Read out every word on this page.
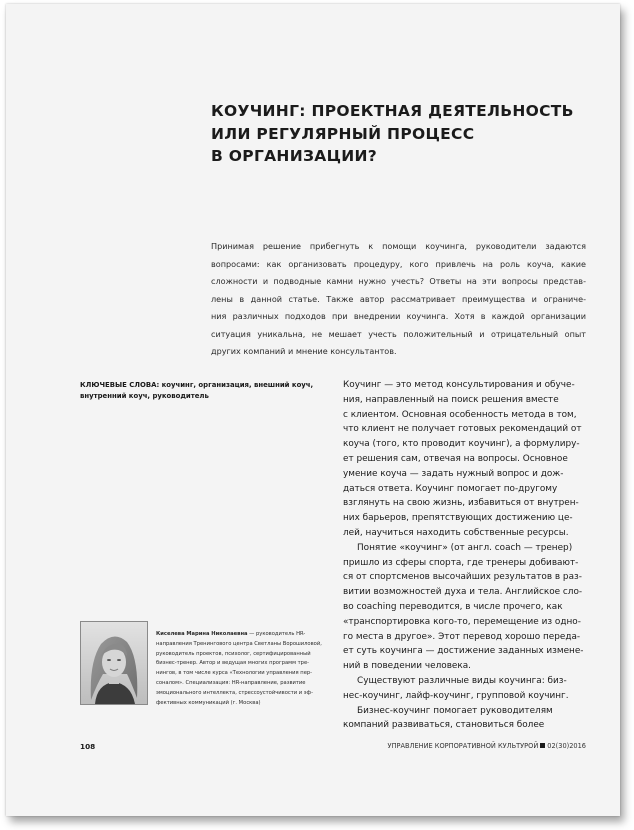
КОУЧИНГ: ПРОЕКТНАЯ ДЕЯТЕЛЬНОСТЬ
ИЛИ РЕГУЛЯРНЫЙ ПРОЦЕСС
В ОРГАНИЗАЦИИ?

Принимая решение прибегнуть к помощи коучинга, руководители задаются
вопросами: как организовать процедуру, кого привлечь на роль коуча, какие
сложности и подводные камни нужно учесть? Ответы на эти вопросы представ-
лены в данной статье. Также автор рассматривает преимущества и ограниче-
ния различных подходов при внедрении коучинга. Хотя в каждой организации
ситуация уникальна, не мешает учесть положительный и отрицательный опыт
других компаний и мнение консультантов.

КЛЮЧЕВЫЕ СЛОВА: коучинг, организация, внешний коуч,
внутренний коуч, руководитель
Коучинг — это метод консультирования и обуче-
ния, направленный на поиск решения вместе
с клиентом. Основная особенность метода в том,
что клиент не получает готовых рекомендаций от
коуча (того, кто проводит коучинг), а формулиру-
ет решения сам, отвечая на вопросы. Основное
умение коуча — задать нужный вопрос и дож-
даться ответа. Коучинг помогает по-другому
взглянуть на свою жизнь, избавиться от внутрен-
них барьеров, препятствующих достижению це-
лей, научиться находить собственные ресурсы.
Понятие «коучинг» (от англ. coach — тренер)
пришло из сферы спорта, где тренеры добивают-
ся от спортсменов высочайших результатов в раз-
витии возможностей духа и тела. Английское сло-
во coaching переводится, в числе прочего, как
«транспортировка кого-то, перемещение из одно-
го места в другое». Этот перевод хорошо переда-
ет суть коучинга — достижение заданных измене-
ний в поведении человека.
Существуют различные виды коучинга: биз-
нес-коучинг, лайф-коучинг, групповой коучинг.
Бизнес-коучинг помогает руководителям
компаний развиваться, становиться более
Киселева Марина Николаевна — руководитель HR-
направления Тренингового центра Светланы Ворошиловой,
руководитель проектов, психолог, сертифицированный
бизнес-тренер. Автор и ведущая многих программ тре-
нингов, в том числе курса «Технологии управления пер-
соналом». Специализация: HR-направление, развитие
эмоционального интеллекта, стрессоустойчивости и эф-
фективных коммуникаций (г. Москва)
108	УПРАВЛЕНИЕ КОРПОРАТИВНОЙ КУЛЬТУРОЙ 02(30)2016
